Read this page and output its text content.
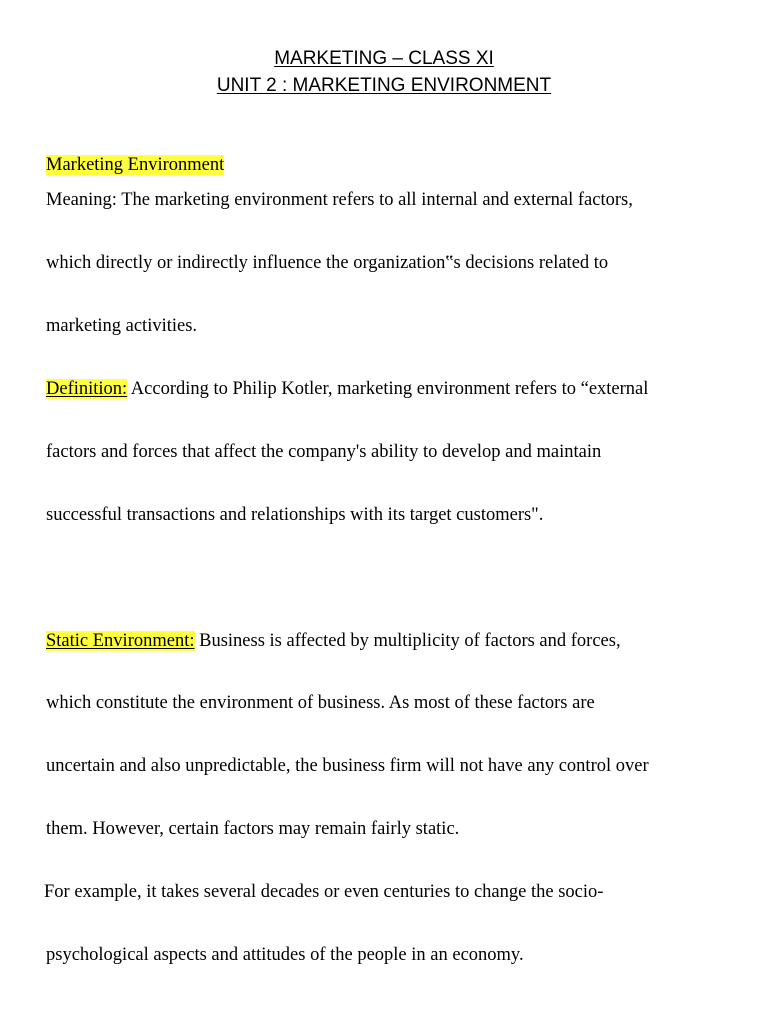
MARKETING – CLASS XI
UNIT 2 : MARKETING ENVIRONMENT
Marketing Environment
Meaning: The marketing environment refers to all internal and external factors,
which directly or indirectly influence the organization‟s decisions related to
marketing activities.
Definition: According to Philip Kotler, marketing environment refers to “external
factors and forces that affect the company's ability to develop and maintain
successful transactions and relationships with its target customers".
Static Environment: Business is affected by multiplicity of factors and forces,
which constitute the environment of business. As most of these factors are
uncertain and also unpredictable, the business firm will not have any control over
them. However, certain factors may remain fairly static.
For example, it takes several decades or even centuries to change the socio-
psychological aspects and attitudes of the people in an economy.
